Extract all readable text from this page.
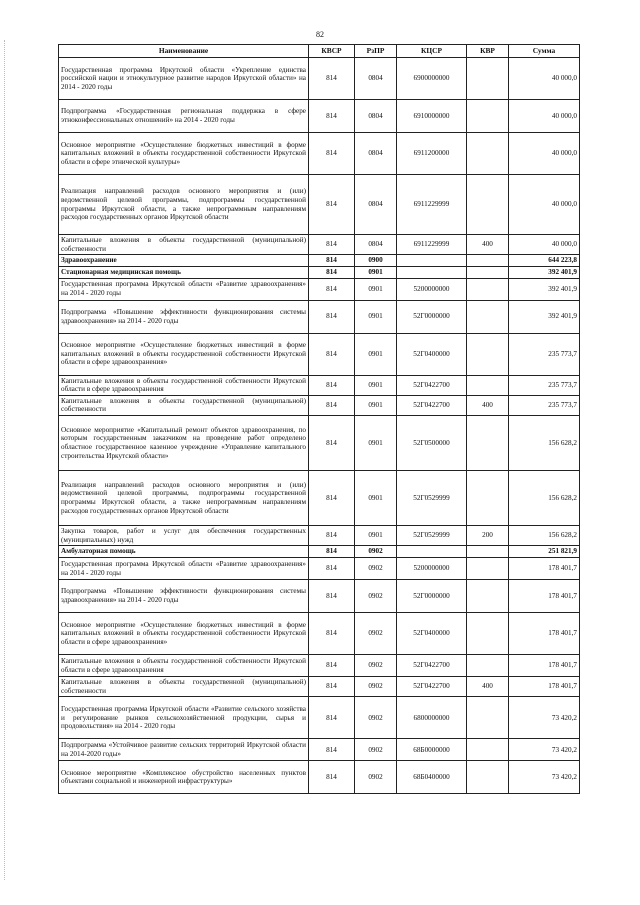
82
Наименование	КВСР	РзПР	КЦСР	КВР	Сумма
Государственная программа Иркутской области «Укрепление единства российской нации и этнокультурное развитие народов Иркутской области» на 2014 - 2020 годы	814	0804	6900000000		40 000,0
Подпрограмма «Государственная региональная поддержка в сфере этноконфессиональных отношений» на 2014 - 2020 годы	814	0804	6910000000		40 000,0
Основное мероприятие «Осуществление бюджетных инвестиций в форме капитальных вложений в объекты государственной собственности Иркутской области в сфере этнической культуры»	814	0804	6911200000		40 000,0
Реализация направлений расходов основного мероприятия и (или) ведомственной целевой программы, подпрограммы государственной программы Иркутской области, а также непрограммным направлениям расходов государственных органов Иркутской области	814	0804	6911229999		40 000,0
Капитальные вложения в объекты государственной (муниципальной) собственности	814	0804	6911229999	400	40 000,0
Здравоохранение	814	0900			644 223,8
Стационарная медицинская помощь	814	0901			392 401,9
Государственная программа Иркутской области «Развитие здравоохранения» на 2014 - 2020 годы	814	0901	5200000000		392 401,9
Подпрограмма «Повышение эффективности функционирования системы здравоохранения» на 2014 - 2020 годы	814	0901	52Г0000000		392 401,9
Основное мероприятие «Осуществление бюджетных инвестиций в форме капитальных вложений в объекты государственной собственности Иркутской области в сфере здравоохранения»	814	0901	52Г0400000		235 773,7
Капитальные вложения в объекты государственной собственности Иркутской области в сфере здравоохранения	814	0901	52Г0422700		235 773,7
Капитальные вложения в объекты государственной (муниципальной) собственности	814	0901	52Г0422700	400	235 773,7
Основное мероприятие «Капитальный ремонт объектов здравоохранения, по которым государственным заказчиком на проведение работ определено областное государственное казенное учреждение «Управление капитального строительства Иркутской области»	814	0901	52Г0500000		156 628,2
Реализация направлений расходов основного мероприятия и (или) ведомственной целевой программы, подпрограммы государственной программы Иркутской области, а также непрограммным направлениям расходов государственных органов Иркутской области	814	0901	52Г0529999		156 628,2
Закупка товаров, работ и услуг для обеспечения государственных (муниципальных) нужд	814	0901	52Г0529999	200	156 628,2
Амбулаторная помощь	814	0902			251 821,9
Государственная программа Иркутской области «Развитие здравоохранения» на 2014 - 2020 годы	814	0902	5200000000		178 401,7
Подпрограмма «Повышение эффективности функционирования системы здравоохранения» на 2014 - 2020 годы	814	0902	52Г0000000		178 401,7
Основное мероприятие «Осуществление бюджетных инвестиций в форме капитальных вложений в объекты государственной собственности Иркутской области в сфере здравоохранения»	814	0902	52Г0400000		178 401,7
Капитальные вложения в объекты государственной собственности Иркутской области в сфере здравоохранения	814	0902	52Г0422700		178 401,7
Капитальные вложения в объекты государственной (муниципальной) собственности	814	0902	52Г0422700	400	178 401,7
Государственная программа Иркутской области «Развитие сельского хозяйства и регулирование рынков сельскохозяйственной продукции, сырья и продовольствия» на 2014 - 2020 годы	814	0902	6800000000		73 420,2
Подпрограмма «Устойчивое развитие сельских территорий Иркутской области на 2014-2020 годы»	814	0902	68Б0000000		73 420,2
Основное мероприятие «Комплексное обустройство населенных пунктов объектами социальной и инженерной инфраструктуры»	814	0902	68Б0400000		73 420,2
